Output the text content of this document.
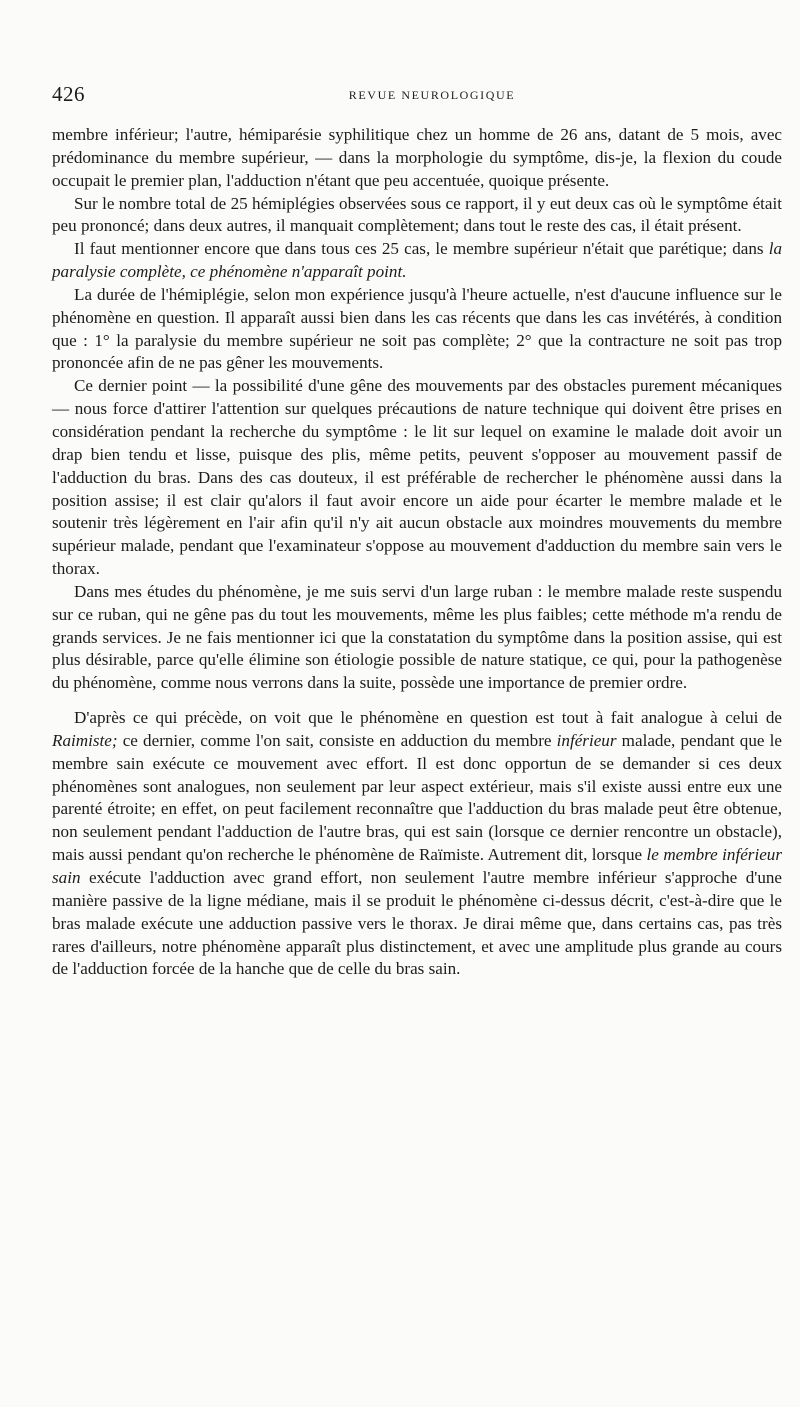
426	REVUE NEUROLOGIQUE

membre inférieur; l'autre, hémiparésie syphilitique chez un homme de 26 ans, datant de 5 mois, avec prédominance du membre supérieur, — dans la morphologie du symptôme, dis-je, la flexion du coude occupait le premier plan, l'adduction n'étant que peu accentuée, quoique présente.

Sur le nombre total de 25 hémiplégies observées sous ce rapport, il y eut deux cas où le symptôme était peu prononcé; dans deux autres, il manquait complètement; dans tout le reste des cas, il était présent.

Il faut mentionner encore que dans tous ces 25 cas, le membre supérieur n'était que parétique; dans la paralysie complète, ce phénomène n'apparaît point.

La durée de l'hémiplégie, selon mon expérience jusqu'à l'heure actuelle, n'est d'aucune influence sur le phénomène en question. Il apparaît aussi bien dans les cas récents que dans les cas invétérés, à condition que : 1° la paralysie du membre supérieur ne soit pas complète; 2° que la contracture ne soit pas trop prononcée afin de ne pas gêner les mouvements.

Ce dernier point — la possibilité d'une gêne des mouvements par des obstacles purement mécaniques — nous force d'attirer l'attention sur quelques précautions de nature technique qui doivent être prises en considération pendant la recherche du symptôme : le lit sur lequel on examine le malade doit avoir un drap bien tendu et lisse, puisque des plis, même petits, peuvent s'opposer au mouvement passif de l'adduction du bras. Dans des cas douteux, il est préférable de rechercher le phénomène aussi dans la position assise; il est clair qu'alors il faut avoir encore un aide pour écarter le membre malade et le soutenir très légèrement en l'air afin qu'il n'y ait aucun obstacle aux moindres mouvements du membre supérieur malade, pendant que l'examinateur s'oppose au mouvement d'adduction du membre sain vers le thorax.

Dans mes études du phénomène, je me suis servi d'un large ruban : le membre malade reste suspendu sur ce ruban, qui ne gêne pas du tout les mouvements, même les plus faibles; cette méthode m'a rendu de grands services. Je ne fais mentionner ici que la constatation du symptôme dans la position assise, qui est plus désirable, parce qu'elle élimine son étiologie possible de nature statique, ce qui, pour la pathogenèse du phénomène, comme nous verrons dans la suite, possède une importance de premier ordre.

D'après ce qui précède, on voit que le phénomène en question est tout à fait analogue à celui de Raimiste; ce dernier, comme l'on sait, consiste en adduction du membre inférieur malade, pendant que le membre sain exécute ce mouvement avec effort. Il est donc opportun de se demander si ces deux phénomènes sont analogues, non seulement par leur aspect extérieur, mais s'il existe aussi entre eux une parenté étroite; en effet, on peut facilement reconnaître que l'adduction du bras malade peut être obtenue, non seulement pendant l'adduction de l'autre bras, qui est sain (lorsque ce dernier rencontre un obstacle), mais aussi pendant qu'on recherche le phénomène de Raïmiste. Autrement dit, lorsque le membre inférieur sain exécute l'adduction avec grand effort, non seulement l'autre membre inférieur s'approche d'une manière passive de la ligne médiane, mais il se produit le phénomène ci-dessus décrit, c'est-à-dire que le bras malade exécute une adduction passive vers le thorax. Je dirai même que, dans certains cas, pas très rares d'ailleurs, notre phénomène apparaît plus distinctement, et avec une amplitude plus grande au cours de l'adduction forcée de la hanche que de celle du bras sain.
